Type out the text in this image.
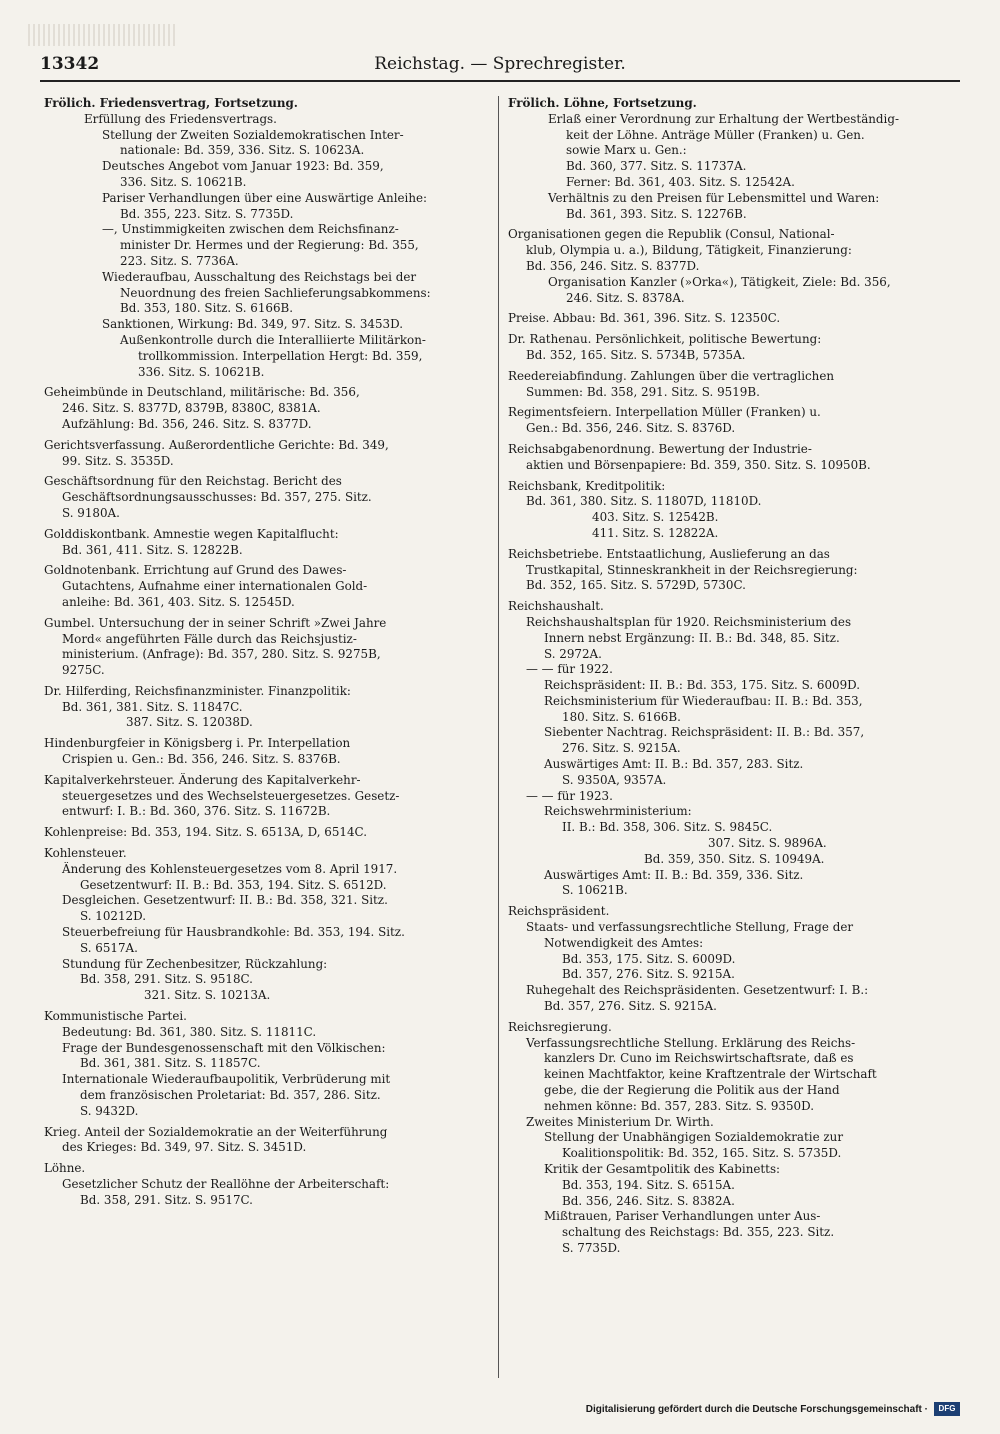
13342	Reichstag. — Sprechregister.
Frölich. Friedensvertrag, Fortsetzung.
Erfüllung des Friedensvertrags.
Stellung der Zweiten Sozialdemokratischen Inter-
nationale: Bd. 359, 336. Sitz. S. 10623A.
Deutsches Angebot vom Januar 1923: Bd. 359,
336. Sitz. S. 10621B.
Pariser Verhandlungen über eine Auswärtige Anleihe:
Bd. 355, 223. Sitz. S. 7735D.
—, Unstimmigkeiten zwischen dem Reichsfinanz-
minister Dr. Hermes und der Regierung: Bd. 355,
223. Sitz. S. 7736A.
Wiederaufbau, Ausschaltung des Reichstags bei der
Neuordnung des freien Sachlieferungsabkommens:
Bd. 353, 180. Sitz. S. 6166B.
Sanktionen, Wirkung: Bd. 349, 97. Sitz. S. 3453D.
Außenkontrolle durch die Interalliierte Militärkon-
trollkommission. Interpellation Hergt: Bd. 359,
336. Sitz. S. 10621B.
Geheimbünde in Deutschland, militärische: Bd. 356,
246. Sitz. S. 8377D, 8379B, 8380C, 8381A.
Aufzählung: Bd. 356, 246. Sitz. S. 8377D.
Gerichtsverfassung. Außerordentliche Gerichte: Bd. 349,
99. Sitz. S. 3535D.
Geschäftsordnung für den Reichstag. Bericht des
Geschäftsordnungsausschusses: Bd. 357, 275. Sitz.
S. 9180A.
Golddiskontbank. Amnestie wegen Kapitalflucht:
Bd. 361, 411. Sitz. S. 12822B.
Goldnotenbank. Errichtung auf Grund des Dawes-
Gutachtens, Aufnahme einer internationalen Gold-
anleihe: Bd. 361, 403. Sitz. S. 12545D.
Gumbel. Untersuchung der in seiner Schrift »Zwei Jahre
Mord« angeführten Fälle durch das Reichsjustiz-
ministerium. (Anfrage): Bd. 357, 280. Sitz. S. 9275B,
9275C.
Dr. Hilferding, Reichsfinanzminister. Finanzpolitik:
Bd. 361, 381. Sitz. S. 11847C.
387. Sitz. S. 12038D.
Hindenburgfeier in Königsberg i. Pr. Interpellation
Crispien u. Gen.: Bd. 356, 246. Sitz. S. 8376B.
Kapitalverkehrsteuer. Änderung des Kapitalverkehr-
steuergesetzes und des Wechselsteuergesetzes. Gesetz-
entwurf: I. B.: Bd. 360, 376. Sitz. S. 11672B.
Kohlenpreise: Bd. 353, 194. Sitz. S. 6513A, D, 6514C.
Kohlensteuer.
Änderung des Kohlensteuergesetzes vom 8. April 1917.
Gesetzentwurf: II. B.: Bd. 353, 194. Sitz. S. 6512D.
Desgleichen. Gesetzentwurf: II. B.: Bd. 358, 321. Sitz.
S. 10212D.
Steuerbefreiung für Hausbrandkohle: Bd. 353, 194. Sitz.
S. 6517A.
Stundung für Zechenbesitzer, Rückzahlung:
Bd. 358, 291. Sitz. S. 9518C.
321. Sitz. S. 10213A.
Kommunistische Partei.
Bedeutung: Bd. 361, 380. Sitz. S. 11811C.
Frage der Bundesgenossenschaft mit den Völkischen:
Bd. 361, 381. Sitz. S. 11857C.
Internationale Wiederaufbaupolitik, Verbrüderung mit
dem französischen Proletariat: Bd. 357, 286. Sitz.
S. 9432D.
Krieg. Anteil der Sozialdemokratie an der Weiterführung
des Krieges: Bd. 349, 97. Sitz. S. 3451D.
Löhne.
Gesetzlicher Schutz der Reallöhne der Arbeiterschaft:
Bd. 358, 291. Sitz. S. 9517C.
Frölich. Löhne, Fortsetzung.
Erlaß einer Verordnung zur Erhaltung der Wertbeständig-
keit der Löhne. Anträge Müller (Franken) u. Gen.
sowie Marx u. Gen.:
Bd. 360, 377. Sitz. S. 11737A.
Ferner: Bd. 361, 403. Sitz. S. 12542A.
Verhältnis zu den Preisen für Lebensmittel und Waren:
Bd. 361, 393. Sitz. S. 12276B.
Organisationen gegen die Republik (Consul, National-
klub, Olympia u. a.), Bildung, Tätigkeit, Finanzierung:
Bd. 356, 246. Sitz. S. 8377D.
Organisation Kanzler (»Orka«), Tätigkeit, Ziele: Bd. 356,
246. Sitz. S. 8378A.
Preise. Abbau: Bd. 361, 396. Sitz. S. 12350C.
Dr. Rathenau. Persönlichkeit, politische Bewertung:
Bd. 352, 165. Sitz. S. 5734B, 5735A.
Reedereiabfindung. Zahlungen über die vertraglichen
Summen: Bd. 358, 291. Sitz. S. 9519B.
Regimentsfeiern. Interpellation Müller (Franken) u.
Gen.: Bd. 356, 246. Sitz. S. 8376D.
Reichsabgabenordnung. Bewertung der Industrie-
aktien und Börsenpapiere: Bd. 359, 350. Sitz. S. 10950B.
Reichsbank, Kreditpolitik:
Bd. 361, 380. Sitz. S. 11807D, 11810D.
403. Sitz. S. 12542B.
411. Sitz. S. 12822A.
Reichsbetriebe. Entstaatlichung, Auslieferung an das
Trustkapital, Stinneskrankheit in der Reichsregierung:
Bd. 352, 165. Sitz. S. 5729D, 5730C.
Reichshaushalt.
Reichshaushaltsplan für 1920. Reichsministerium des
Innern nebst Ergänzung: II. B.: Bd. 348, 85. Sitz.
S. 2972A.
— — für 1922.
Reichspräsident: II. B.: Bd. 353, 175. Sitz. S. 6009D.
Reichsministerium für Wiederaufbau: II. B.: Bd. 353,
180. Sitz. S. 6166B.
Siebenter Nachtrag. Reichspräsident: II. B.: Bd. 357,
276. Sitz. S. 9215A.
Auswärtiges Amt: II. B.: Bd. 357, 283. Sitz.
S. 9350A, 9357A.
— — für 1923.
Reichswehrministerium:
II. B.: Bd. 358, 306. Sitz. S. 9845C.
307. Sitz. S. 9896A.
Bd. 359, 350. Sitz. S. 10949A.
Auswärtiges Amt: II. B.: Bd. 359, 336. Sitz.
S. 10621B.
Reichspräsident.
Staats- und verfassungsrechtliche Stellung, Frage der
Notwendigkeit des Amtes:
Bd. 353, 175. Sitz. S. 6009D.
Bd. 357, 276. Sitz. S. 9215A.
Ruhegehalt des Reichspräsidenten. Gesetzentwurf: I. B.:
Bd. 357, 276. Sitz. S. 9215A.
Reichsregierung.
Verfassungsrechtliche Stellung. Erklärung des Reichs-
kanzlers Dr. Cuno im Reichswirtschaftsrate, daß es
keinen Machtfaktor, keine Kraftzentrale der Wirtschaft
gebe, die der Regierung die Politik aus der Hand
nehmen könne: Bd. 357, 283. Sitz. S. 9350D.
Zweites Ministerium Dr. Wirth.
Stellung der Unabhängigen Sozialdemokratie zur
Koalitionspolitik: Bd. 352, 165. Sitz. S. 5735D.
Kritik der Gesamtpolitik des Kabinetts:
Bd. 353, 194. Sitz. S. 6515A.
Bd. 356, 246. Sitz. S. 8382A.
Mißtrauen, Pariser Verhandlungen unter Aus-
schaltung des Reichstags: Bd. 355, 223. Sitz.
S. 7735D.
Digitalisierung gefördert durch die Deutsche Forschungsgemeinschaft ·	DFG
